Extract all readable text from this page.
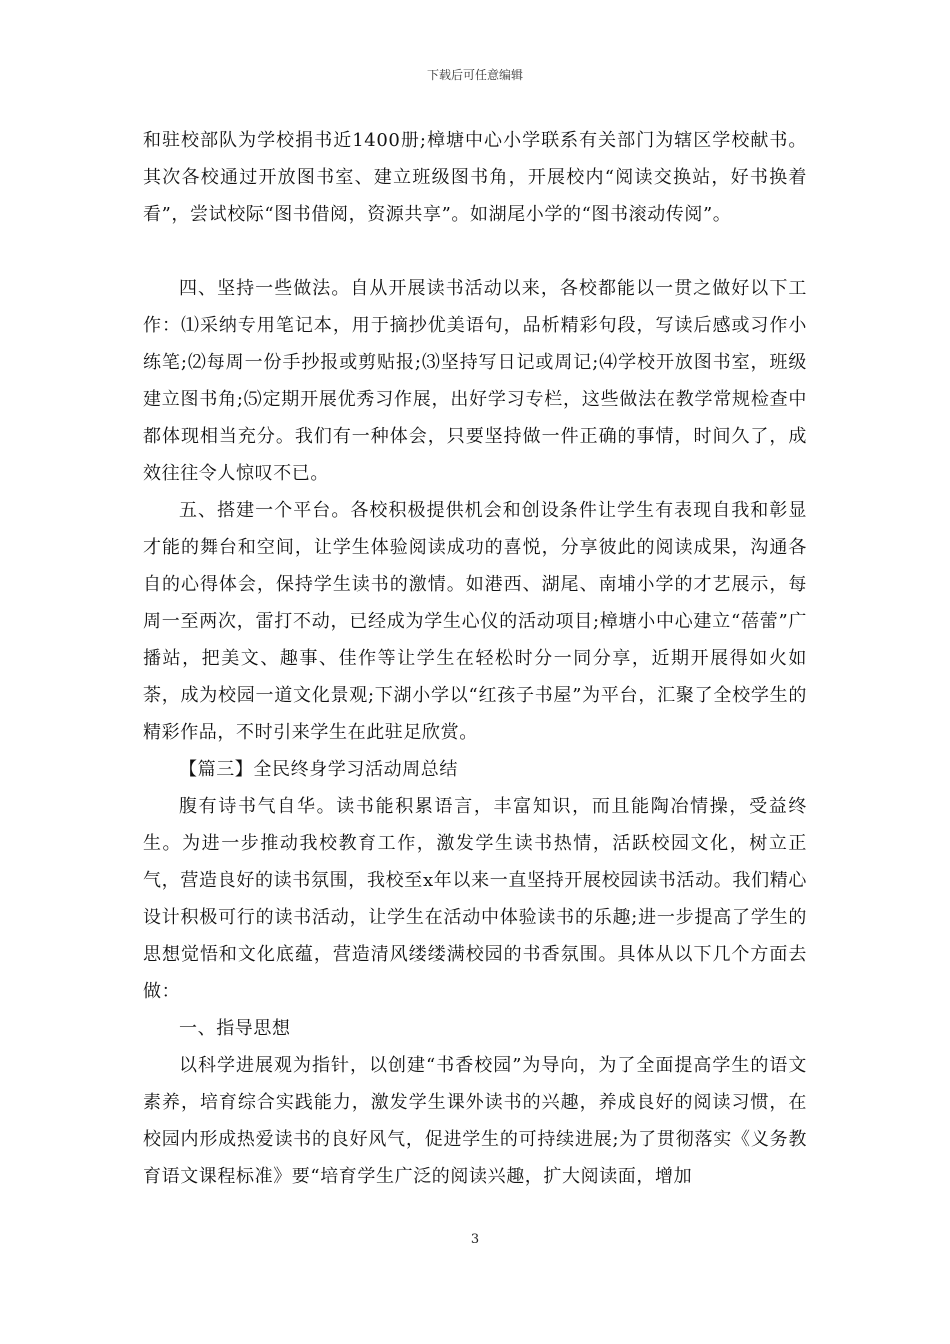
下载后可任意编辑

和驻校部队为学校捐书近1400册;樟塘中心小学联系有关部门为辖区学校献书。其次各校通过开放图书室、建立班级图书角，开展校内“阅读交换站，好书换着看”，尝试校际“图书借阅，资源共享”。如湖尾小学的“图书滚动传阅”。

四、坚持一些做法。自从开展读书活动以来，各校都能以一贯之做好以下工作：⑴采纳专用笔记本，用于摘抄优美语句，品析精彩句段，写读后感或习作小练笔;⑵每周一份手抄报或剪贴报;⑶坚持写日记或周记;⑷学校开放图书室，班级建立图书角;⑸定期开展优秀习作展，出好学习专栏，这些做法在教学常规检查中都体现相当充分。我们有一种体会，只要坚持做一件正确的事情，时间久了，成效往往令人惊叹不已。

五、搭建一个平台。各校积极提供机会和创设条件让学生有表现自我和彰显才能的舞台和空间，让学生体验阅读成功的喜悦，分享彼此的阅读成果，沟通各自的心得体会，保持学生读书的激情。如港西、湖尾、南埔小学的才艺展示，每周一至两次，雷打不动，已经成为学生心仪的活动项目;樟塘小中心建立“蓓蕾”广播站，把美文、趣事、佳作等让学生在轻松时分一同分享，近期开展得如火如荼，成为校园一道文化景观;下湖小学以“红孩子书屋”为平台，汇聚了全校学生的精彩作品，不时引来学生在此驻足欣赏。

【篇三】全民终身学习活动周总结

腹有诗书气自华。读书能积累语言，丰富知识，而且能陶冶情操，受益终生。为进一步推动我校教育工作，激发学生读书热情，活跃校园文化，树立正气，营造良好的读书氛围，我校至x年以来一直坚持开展校园读书活动。我们精心设计积极可行的读书活动，让学生在活动中体验读书的乐趣;进一步提高了学生的思想觉悟和文化底蕴，营造清风缕缕满校园的书香氛围。具体从以下几个方面去做：

一、指导思想

以科学进展观为指针，以创建“书香校园”为导向，为了全面提高学生的语文素养，培育综合实践能力，激发学生课外读书的兴趣，养成良好的阅读习惯，在校园内形成热爱读书的良好风气，促进学生的可持续进展;为了贯彻落实《义务教育语文课程标准》要“培育学生广泛的阅读兴趣，扩大阅读面，增加

3
